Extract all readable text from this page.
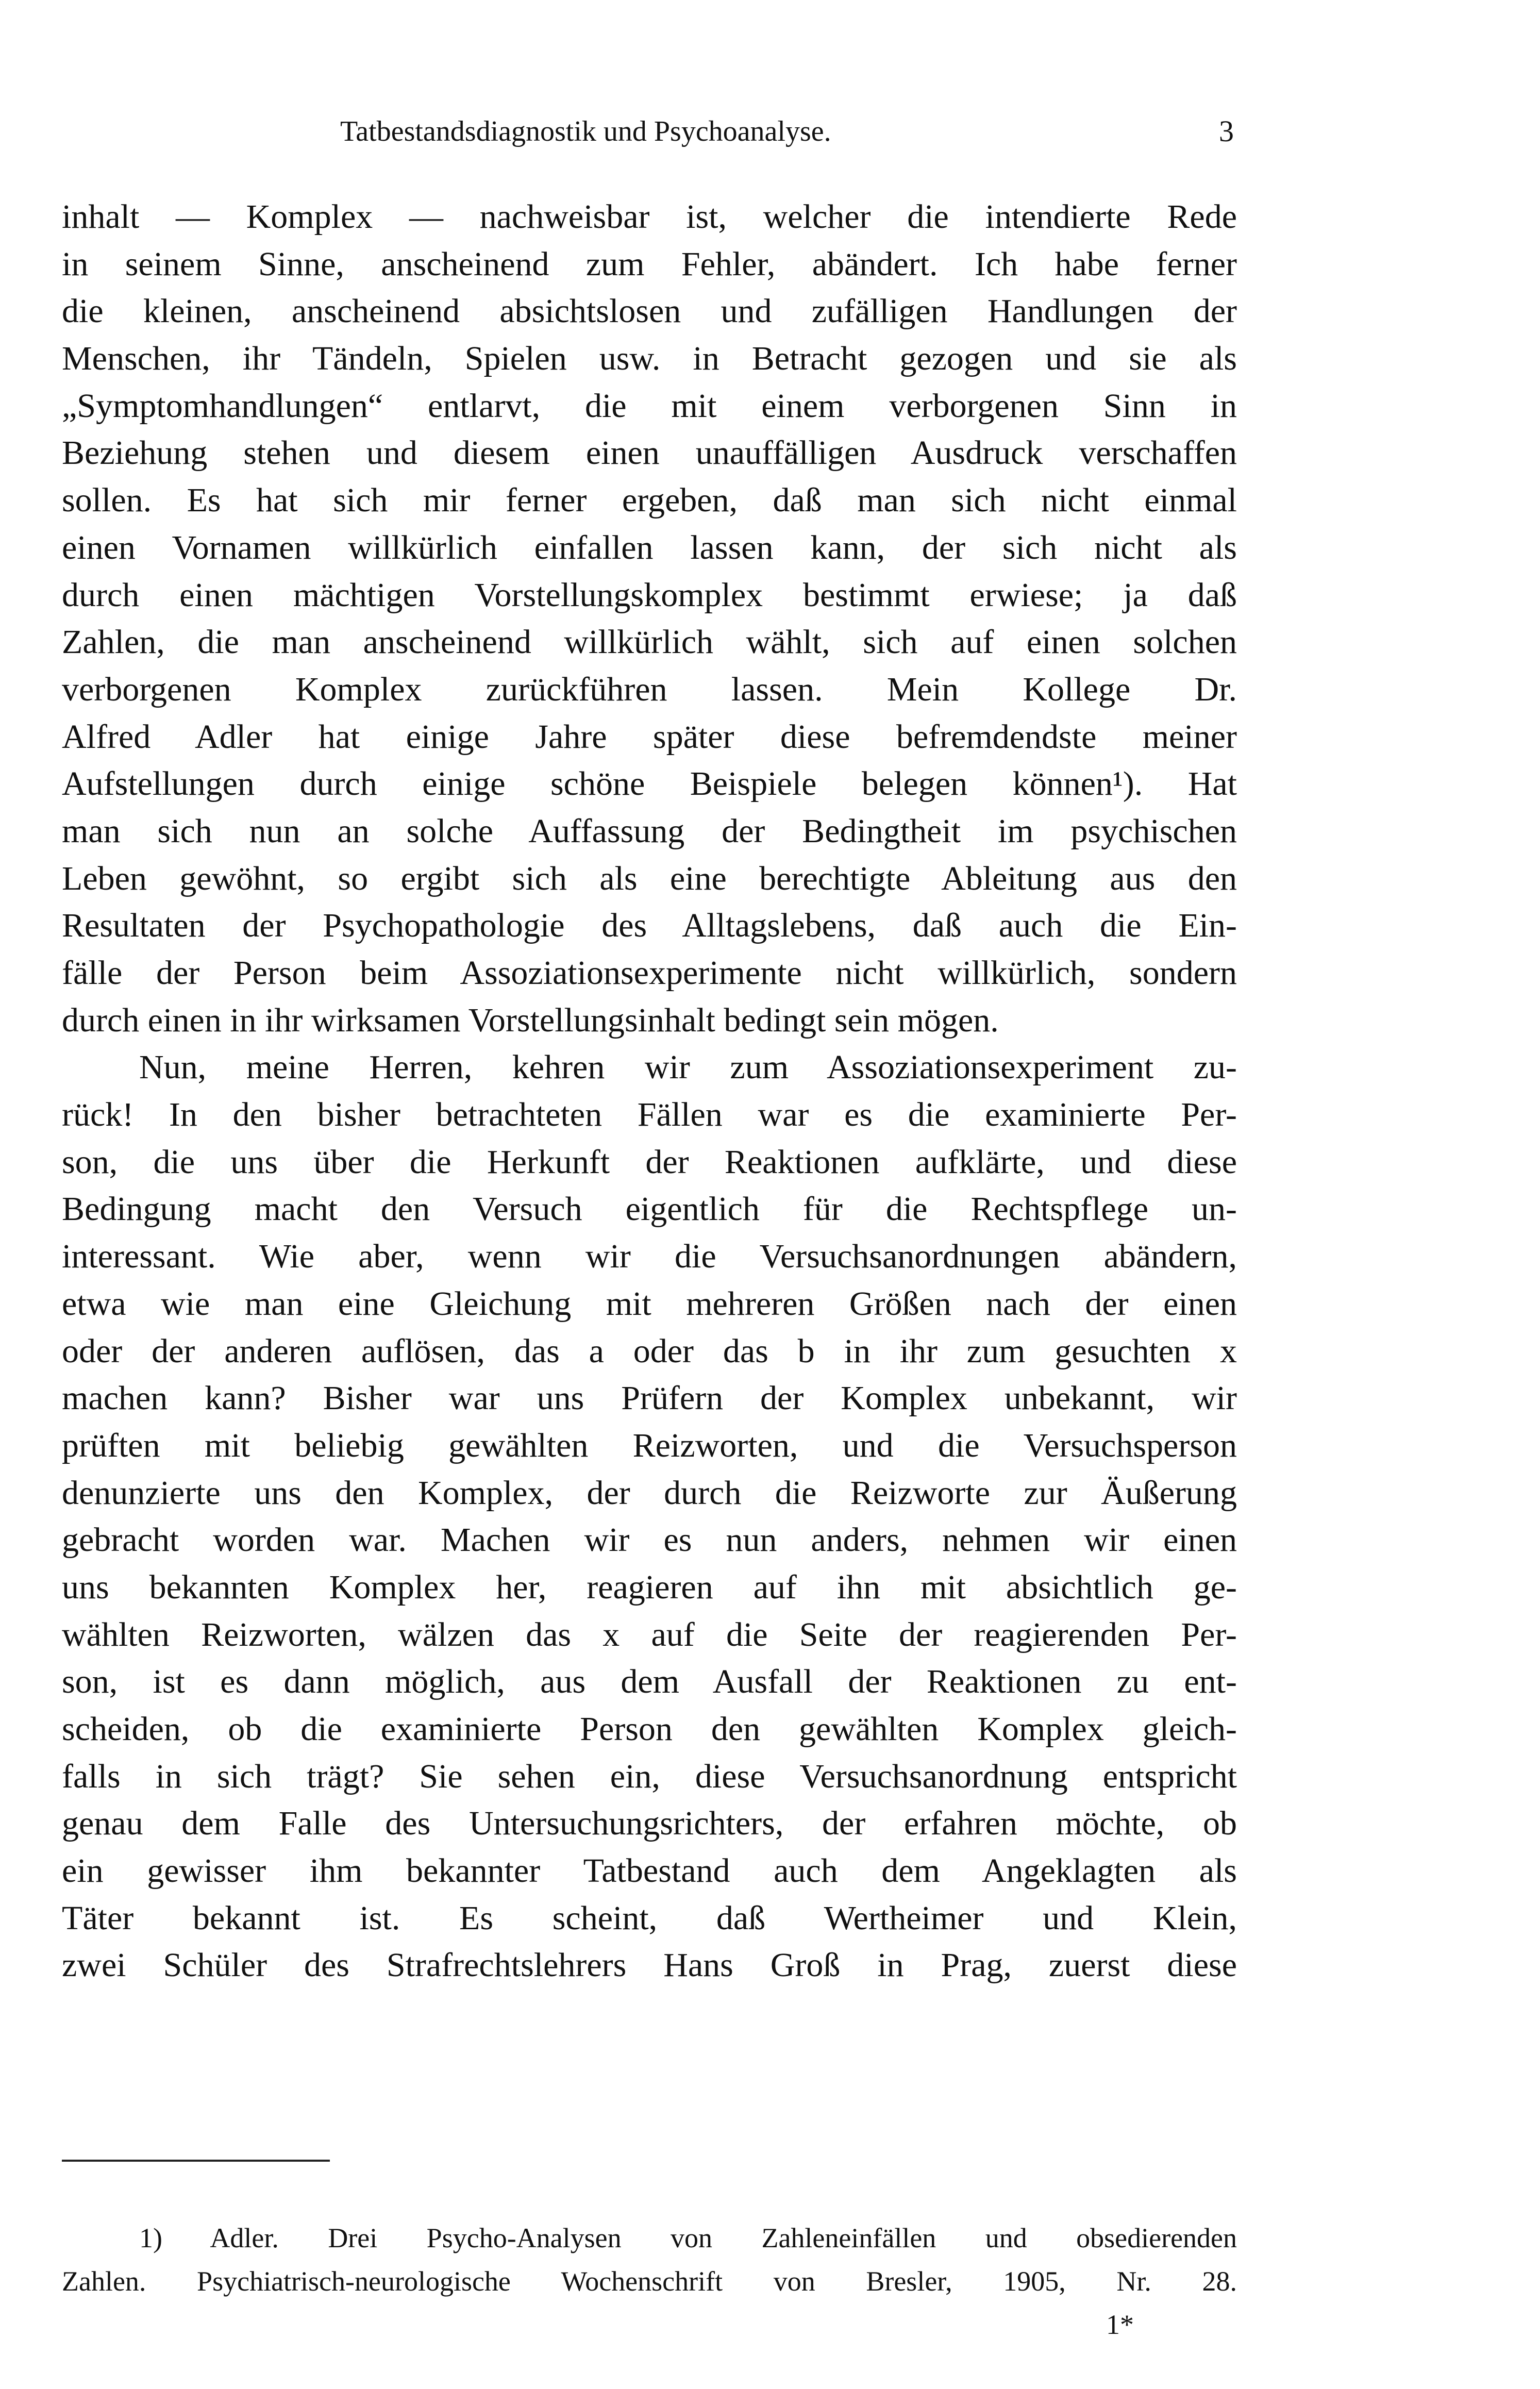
Tatbestandsdiagnostik und Psychoanalyse.	3
inhalt — Komplex — nachweisbar ist, welcher die intendierte Rede
in seinem Sinne, anscheinend zum Fehler, abändert. Ich habe ferner
die kleinen, anscheinend absichtslosen und zufälligen Handlungen der
Menschen, ihr Tändeln, Spielen usw. in Betracht gezogen und sie als
„Symptomhandlungen“ entlarvt, die mit einem verborgenen Sinn in
Beziehung stehen und diesem einen unauffälligen Ausdruck verschaffen
sollen. Es hat sich mir ferner ergeben, daß man sich nicht einmal
einen Vornamen willkürlich einfallen lassen kann, der sich nicht als
durch einen mächtigen Vorstellungskomplex bestimmt erwiese; ja daß
Zahlen, die man anscheinend willkürlich wählt, sich auf einen solchen
verborgenen Komplex zurückführen lassen. Mein Kollege Dr.
Alfred Adler hat einige Jahre später diese befremdendste meiner
Aufstellungen durch einige schöne Beispiele belegen können¹). Hat
man sich nun an solche Auffassung der Bedingtheit im psychischen
Leben gewöhnt, so ergibt sich als eine berechtigte Ableitung aus den
Resultaten der Psychopathologie des Alltagslebens, daß auch die Ein-
fälle der Person beim Assoziationsexperimente nicht willkürlich, sondern
durch einen in ihr wirksamen Vorstellungsinhalt bedingt sein mögen.
Nun, meine Herren, kehren wir zum Assoziationsexperiment zu-
rück! In den bisher betrachteten Fällen war es die examinierte Per-
son, die uns über die Herkunft der Reaktionen aufklärte, und diese
Bedingung macht den Versuch eigentlich für die Rechtspflege un-
interessant. Wie aber, wenn wir die Versuchsanordnungen abändern,
etwa wie man eine Gleichung mit mehreren Größen nach der einen
oder der anderen auflösen, das a oder das b in ihr zum gesuchten x
machen kann? Bisher war uns Prüfern der Komplex unbekannt, wir
prüften mit beliebig gewählten Reizworten, und die Versuchsperson
denunzierte uns den Komplex, der durch die Reizworte zur Äußerung
gebracht worden war. Machen wir es nun anders, nehmen wir einen
uns bekannten Komplex her, reagieren auf ihn mit absichtlich ge-
wählten Reizworten, wälzen das x auf die Seite der reagierenden Per-
son, ist es dann möglich, aus dem Ausfall der Reaktionen zu ent-
scheiden, ob die examinierte Person den gewählten Komplex gleich-
falls in sich trägt? Sie sehen ein, diese Versuchsanordnung entspricht
genau dem Falle des Untersuchungsrichters, der erfahren möchte, ob
ein gewisser ihm bekannter Tatbestand auch dem Angeklagten als
Täter bekannt ist. Es scheint, daß Wertheimer und Klein,
zwei Schüler des Strafrechtslehrers Hans Groß in Prag, zuerst diese
1) Adler. Drei Psycho-Analysen von Zahleneinfällen und obsedierenden
Zahlen. Psychiatrisch-neurologische Wochenschrift von Bresler, 1905, Nr. 28.
1*
